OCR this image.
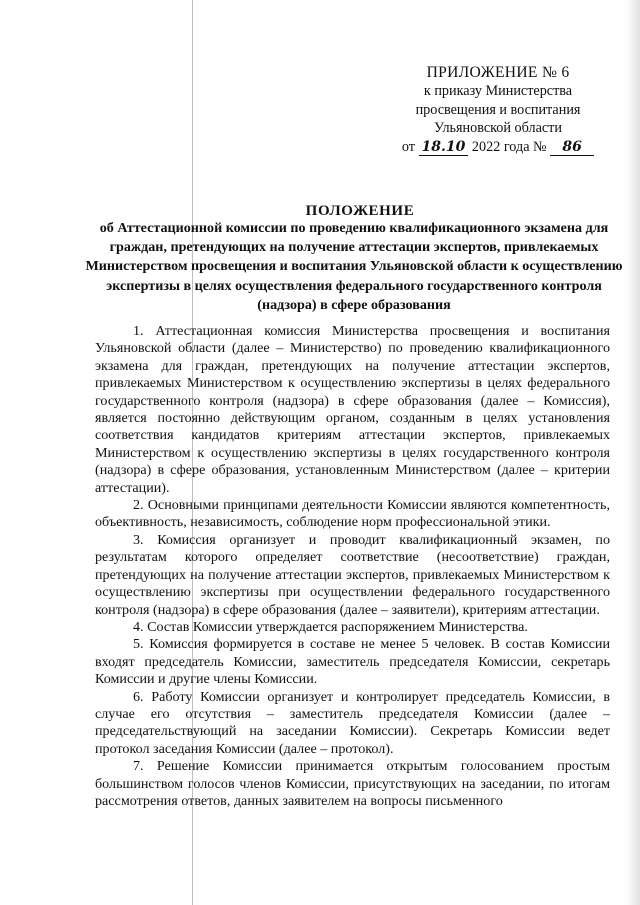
ПРИЛОЖЕНИЕ № 6
к приказу Министерства
просвещения и воспитания
Ульяновской области
от 18.10 2022 года № 86
ПОЛОЖЕНИЕ
об Аттестационной комиссии по проведению квалификационного экзамена для граждан, претендующих на получение аттестации экспертов, привлекаемых Министерством просвещения и воспитания Ульяновской области к осуществлению экспертизы в целях осуществления федерального государственного контроля (надзора) в сфере образования

1. Аттестационная комиссия Министерства просвещения и воспитания Ульяновской области (далее – Министерство) по проведению квалификационного экзамена для граждан, претендующих на получение аттестации экспертов, привлекаемых Министерством к осуществлению экспертизы в целях федерального государственного контроля (надзора) в сфере образования (далее – Комиссия), является постоянно действующим органом, созданным в целях установления соответствия кандидатов критериям аттестации экспертов, привлекаемых Министерством к осуществлению экспертизы в целях государственного контроля (надзора) в сфере образования, установленным Министерством (далее – критерии аттестации).

2. Основными принципами деятельности Комиссии являются компетентность, объективность, независимость, соблюдение норм профессиональной этики.

3. Комиссия организует и проводит квалификационный экзамен, по результатам которого определяет соответствие (несоответствие) граждан, претендующих на получение аттестации экспертов, привлекаемых Министерством к осуществлению экспертизы при осуществлении федерального государственного контроля (надзора) в сфере образования (далее – заявители), критериям аттестации.

4. Состав Комиссии утверждается распоряжением Министерства.

5. Комиссия формируется в составе не менее 5 человек. В состав Комиссии входят председатель Комиссии, заместитель председателя Комиссии, секретарь Комиссии и другие члены Комиссии.

6. Работу Комиссии организует и контролирует председатель Комиссии, в случае его отсутствия – заместитель председателя Комиссии (далее – председательствующий на заседании Комиссии). Секретарь Комиссии ведет протокол заседания Комиссии (далее – протокол).

7. Решение Комиссии принимается открытым голосованием простым большинством голосов членов Комиссии, присутствующих на заседании, по итогам рассмотрения ответов, данных заявителем на вопросы письменного
